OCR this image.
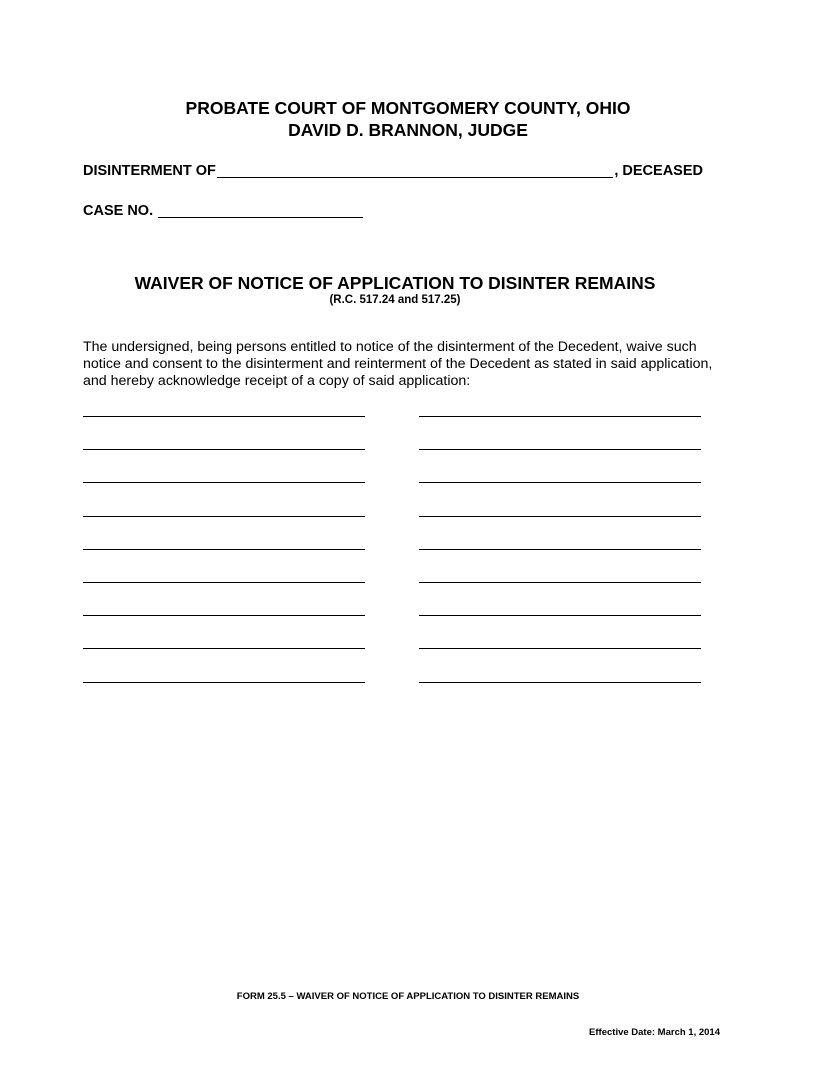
PROBATE COURT OF MONTGOMERY COUNTY, OHIO
DAVID D. BRANNON, JUDGE
DISINTERMENT OF	, DECEASED
CASE NO.
WAIVER OF NOTICE OF APPLICATION TO DISINTER REMAINS
(R.C. 517.24 and 517.25)
The undersigned, being persons entitled to notice of the disinterment of the Decedent, waive such notice and consent to the disinterment and reinterment of the Decedent as stated in said application, and hereby acknowledge receipt of a copy of said application:
FORM 25.5 – WAIVER OF NOTICE OF APPLICATION TO DISINTER REMAINS
Effective Date: March 1, 2014
